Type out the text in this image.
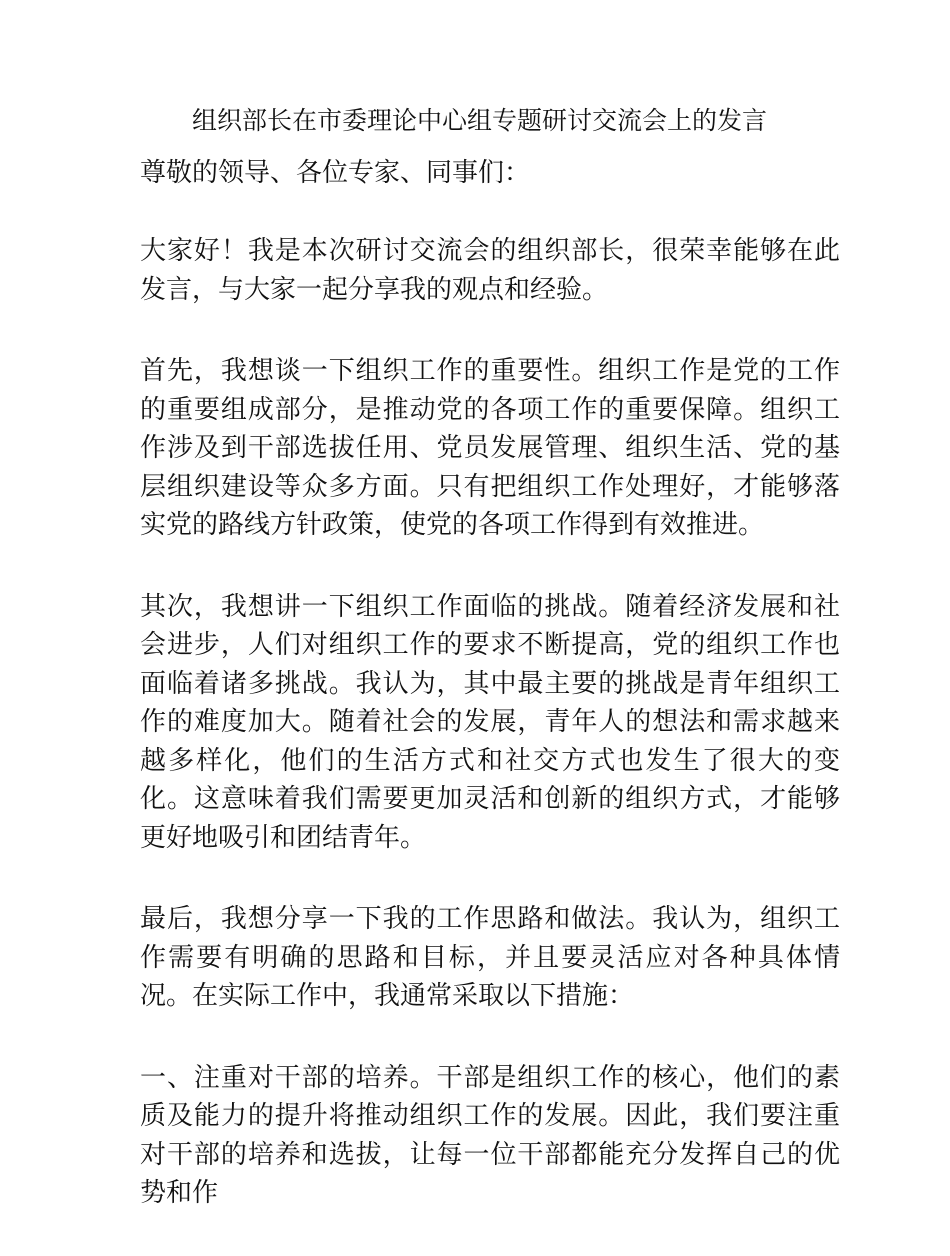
组织部长在市委理论中心组专题研讨交流会上的发言
尊敬的领导、各位专家、同事们：

大家好！我是本次研讨交流会的组织部长，很荣幸能够在此发言，与大家一起分享我的观点和经验。

首先，我想谈一下组织工作的重要性。组织工作是党的工作的重要组成部分，是推动党的各项工作的重要保障。组织工作涉及到干部选拔任用、党员发展管理、组织生活、党的基层组织建设等众多方面。只有把组织工作处理好，才能够落实党的路线方针政策，使党的各项工作得到有效推进。

其次，我想讲一下组织工作面临的挑战。随着经济发展和社会进步，人们对组织工作的要求不断提高，党的组织工作也面临着诸多挑战。我认为，其中最主要的挑战是青年组织工作的难度加大。随着社会的发展，青年人的想法和需求越来越多样化，他们的生活方式和社交方式也发生了很大的变化。这意味着我们需要更加灵活和创新的组织方式，才能够更好地吸引和团结青年。

最后，我想分享一下我的工作思路和做法。我认为，组织工作需要有明确的思路和目标，并且要灵活应对各种具体情况。在实际工作中，我通常采取以下措施：

一、注重对干部的培养。干部是组织工作的核心，他们的素质及能力的提升将推动组织工作的发展。因此，我们要注重对干部的培养和选拔，让每一位干部都能充分发挥自己的优势和作
